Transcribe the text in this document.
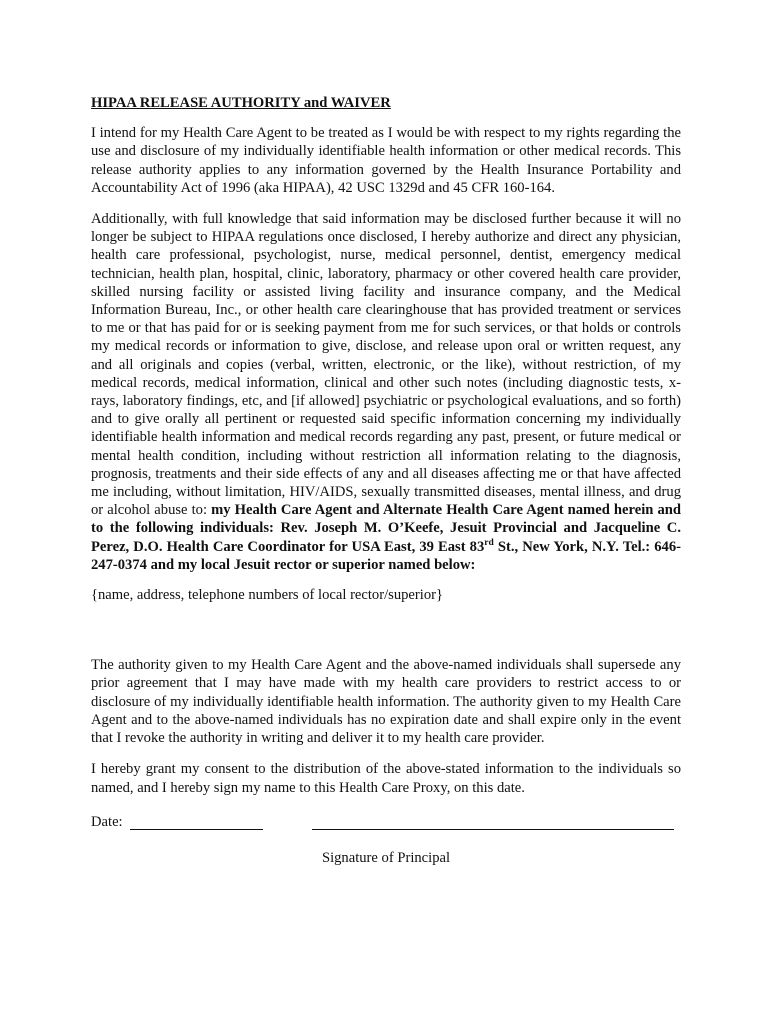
HIPAA RELEASE AUTHORITY and WAIVER

I intend for my Health Care Agent to be treated as I would be with respect to my rights regarding the use and disclosure of my individually identifiable health information or other medical records. This release authority applies to any information governed by the Health Insurance Portability and Accountability Act of 1996 (aka HIPAA), 42 USC 1329d and 45 CFR 160-164.

Additionally, with full knowledge that said information may be disclosed further because it will no longer be subject to HIPAA regulations once disclosed, I hereby authorize and direct any physician, health care professional, psychologist, nurse, medical personnel, dentist, emergency medical technician, health plan, hospital, clinic, laboratory, pharmacy or other covered health care provider, skilled nursing facility or assisted living facility and insurance company, and the Medical Information Bureau, Inc., or other health care clearinghouse that has provided treatment or services to me or that has paid for or is seeking payment from me for such services, or that holds or controls my medical records or information to give, disclose, and release upon oral or written request, any and all originals and copies (verbal, written, electronic, or the like), without restriction, of my medical records, medical information, clinical and other such notes (including diagnostic tests, x-rays, laboratory findings, etc, and [if allowed] psychiatric or psychological evaluations, and so forth) and to give orally all pertinent or requested said specific information concerning my individually identifiable health information and medical records regarding any past, present, or future medical or mental health condition, including without restriction all information relating to the diagnosis, prognosis, treatments and their side effects of any and all diseases affecting me or that have affected me including, without limitation, HIV/AIDS, sexually transmitted diseases, mental illness, and drug or alcohol abuse to: my Health Care Agent and Alternate Health Care Agent named herein and to the following individuals: Rev. Joseph M. O’Keefe, Jesuit Provincial and Jacqueline C. Perez, D.O. Health Care Coordinator for USA East, 39 East 83rd St., New York, N.Y. Tel.: 646-247-0374 and my local Jesuit rector or superior named below:

{name, address, telephone numbers of local rector/superior}

The authority given to my Health Care Agent and the above-named individuals shall supersede any prior agreement that I may have made with my health care providers to restrict access to or disclosure of my individually identifiable health information. The authority given to my Health Care Agent and to the above-named individuals has no expiration date and shall expire only in the event that I revoke the authority in writing and deliver it to my health care provider.

I hereby grant my consent to the distribution of the above-stated information to the individuals so named, and I hereby sign my name to this Health Care Proxy, on this date.

Date:
Signature of Principal
